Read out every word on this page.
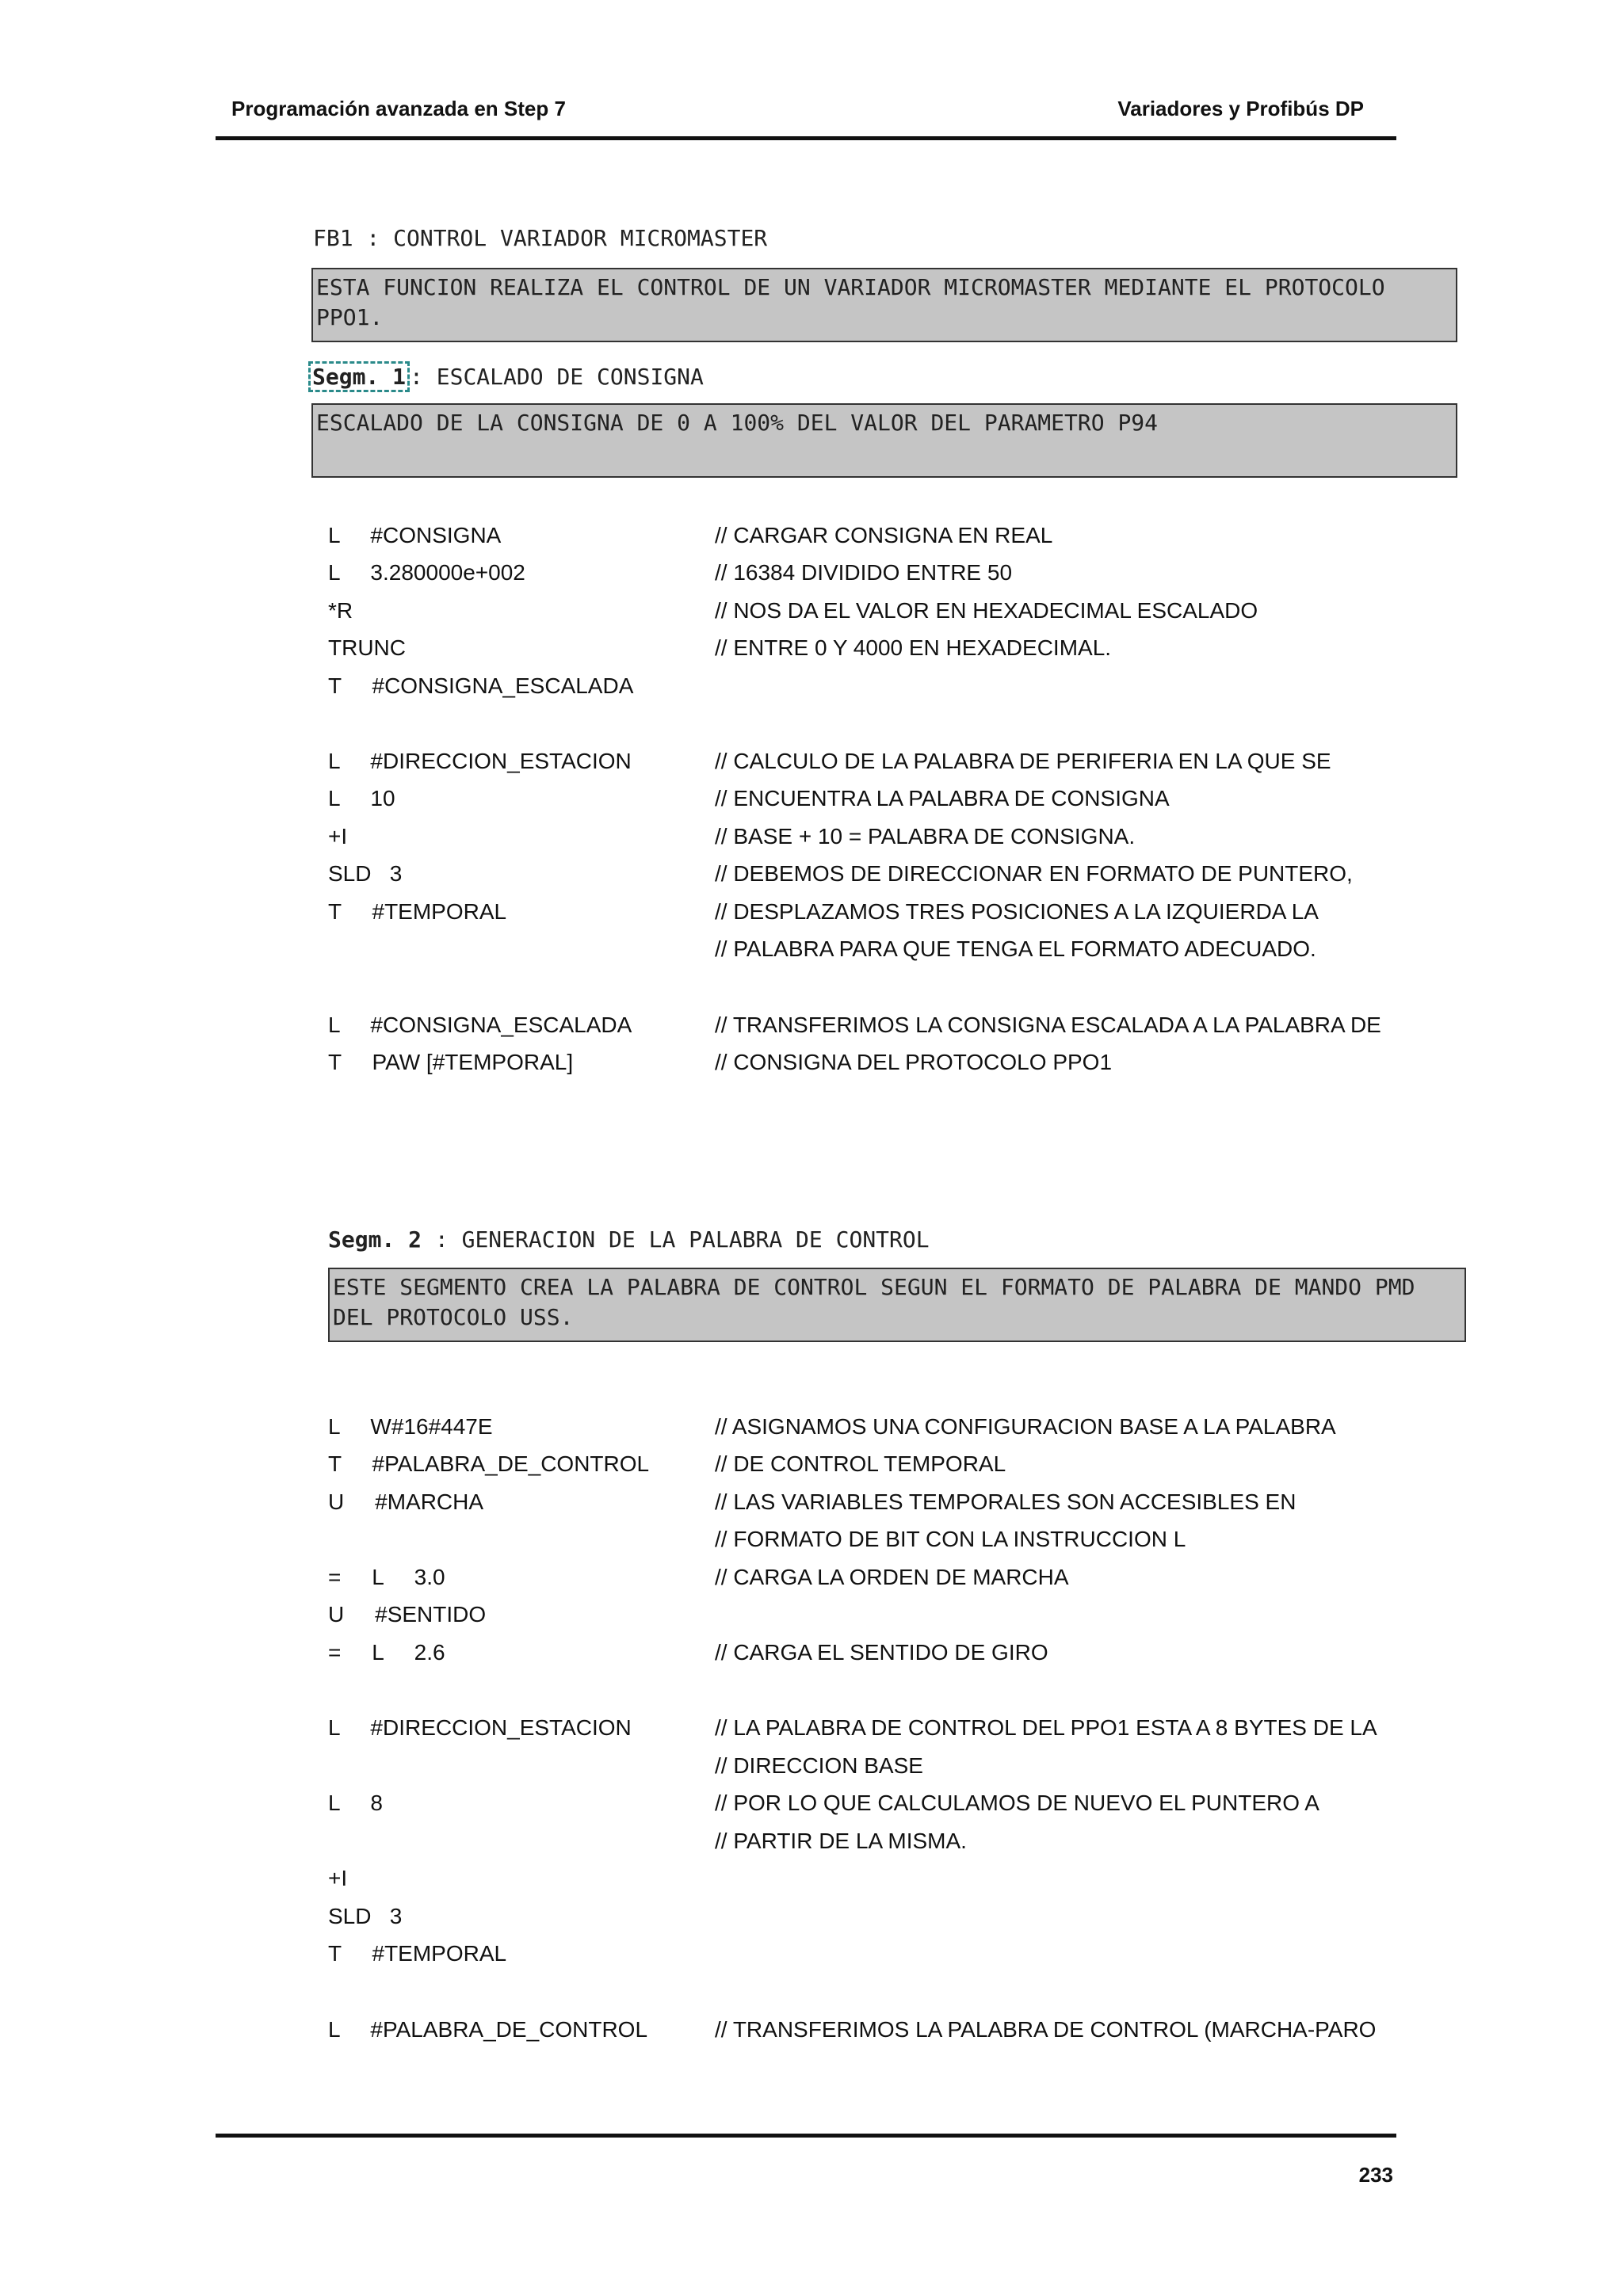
Programación avanzada en Step 7	Variadores y Profibús DP
FB1 : CONTROL VARIADOR MICROMASTER
ESTA FUNCION REALIZA EL CONTROL DE UN VARIADOR MICROMASTER MEDIANTE EL PROTOCOLO PPO1.
Segm. 1 : ESCALADO DE CONSIGNA
ESCALADO DE LA CONSIGNA DE 0 A 100% DEL VALOR DEL PARAMETRO P94
L     #CONSIGNA	// CARGAR CONSIGNA EN REAL
L     3.280000e+002	// 16384 DIVIDIDO ENTRE 50
*R	// NOS DA EL VALOR EN HEXADECIMAL ESCALADO
TRUNC	// ENTRE 0 Y 4000 EN HEXADECIMAL.
T     #CONSIGNA_ESCALADA
L     #DIRECCION_ESTACION	// CALCULO DE LA PALABRA DE PERIFERIA EN LA QUE SE
L     10	// ENCUENTRA LA PALABRA DE CONSIGNA
+I	// BASE + 10 = PALABRA DE CONSIGNA.
SLD   3	// DEBEMOS DE DIRECCIONAR EN FORMATO DE PUNTERO,
T     #TEMPORAL	// DESPLAZAMOS TRES POSICIONES A LA IZQUIERDA LA
// PALABRA PARA QUE TENGA EL FORMATO ADECUADO.
L     #CONSIGNA_ESCALADA	// TRANSFERIMOS LA CONSIGNA ESCALADA A LA PALABRA DE
T     PAW [#TEMPORAL]	// CONSIGNA DEL PROTOCOLO PPO1
Segm. 2 : GENERACION DE LA PALABRA DE CONTROL
ESTE SEGMENTO CREA LA PALABRA DE CONTROL SEGUN EL FORMATO DE PALABRA DE MANDO PMD DEL PROTOCOLO USS.
L     W#16#447E	// ASIGNAMOS UNA CONFIGURACION BASE A LA PALABRA
T     #PALABRA_DE_CONTROL	// DE CONTROL TEMPORAL
U     #MARCHA	// LAS VARIABLES TEMPORALES SON ACCESIBLES EN
// FORMATO DE BIT CON LA INSTRUCCION L
=     L     3.0	// CARGA LA ORDEN DE MARCHA
U     #SENTIDO
=     L     2.6	// CARGA EL SENTIDO DE GIRO
L     #DIRECCION_ESTACION	// LA PALABRA DE CONTROL DEL PPO1 ESTA A 8 BYTES DE LA
// DIRECCION BASE
L     8	// POR LO QUE CALCULAMOS DE NUEVO EL PUNTERO A
// PARTIR DE LA MISMA.
+I
SLD   3
T     #TEMPORAL
L     #PALABRA_DE_CONTROL	// TRANSFERIMOS LA PALABRA DE CONTROL (MARCHA-PARO
233
